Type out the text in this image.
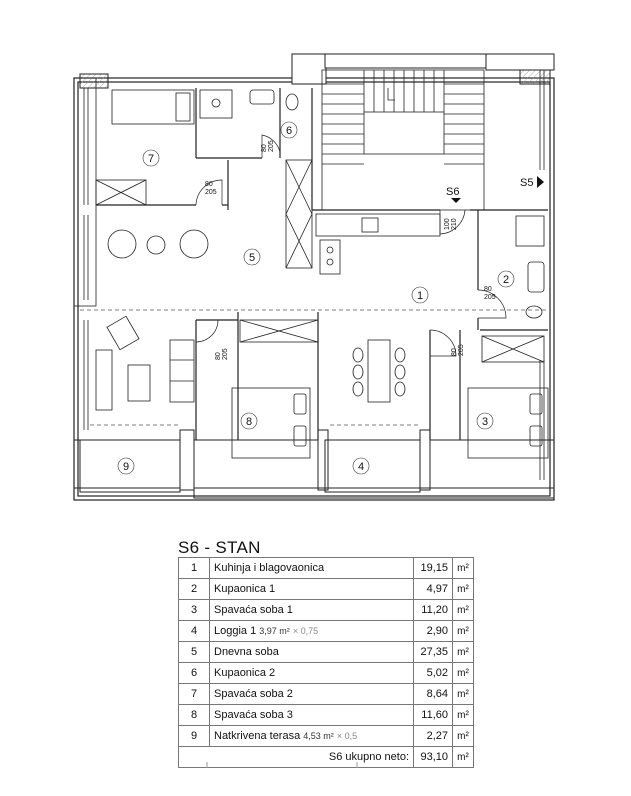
80205
80 205
100210
80 205
80205	80205
S6
S5
1
2
3
4
5
6
7
8
9
S6 - STAN
1	Kuhinja i blagovaonica	19,15	m²
2	Kupaonica 1	4,97	m²
3	Spavaća soba 1	11,20	m²
4	Loggia 1 3,97 m² × 0,75	2,90	m²
5	Dnevna soba	27,35	m²
6	Kupaonica 2	5,02	m²
7	Spavaća soba 2	8,64	m²
8	Spavaća soba 3	11,60	m²
9	Natkrivena terasa 4,53 m² × 0,5	2,27	m²
	S6 ukupno neto:	93,10	m²
